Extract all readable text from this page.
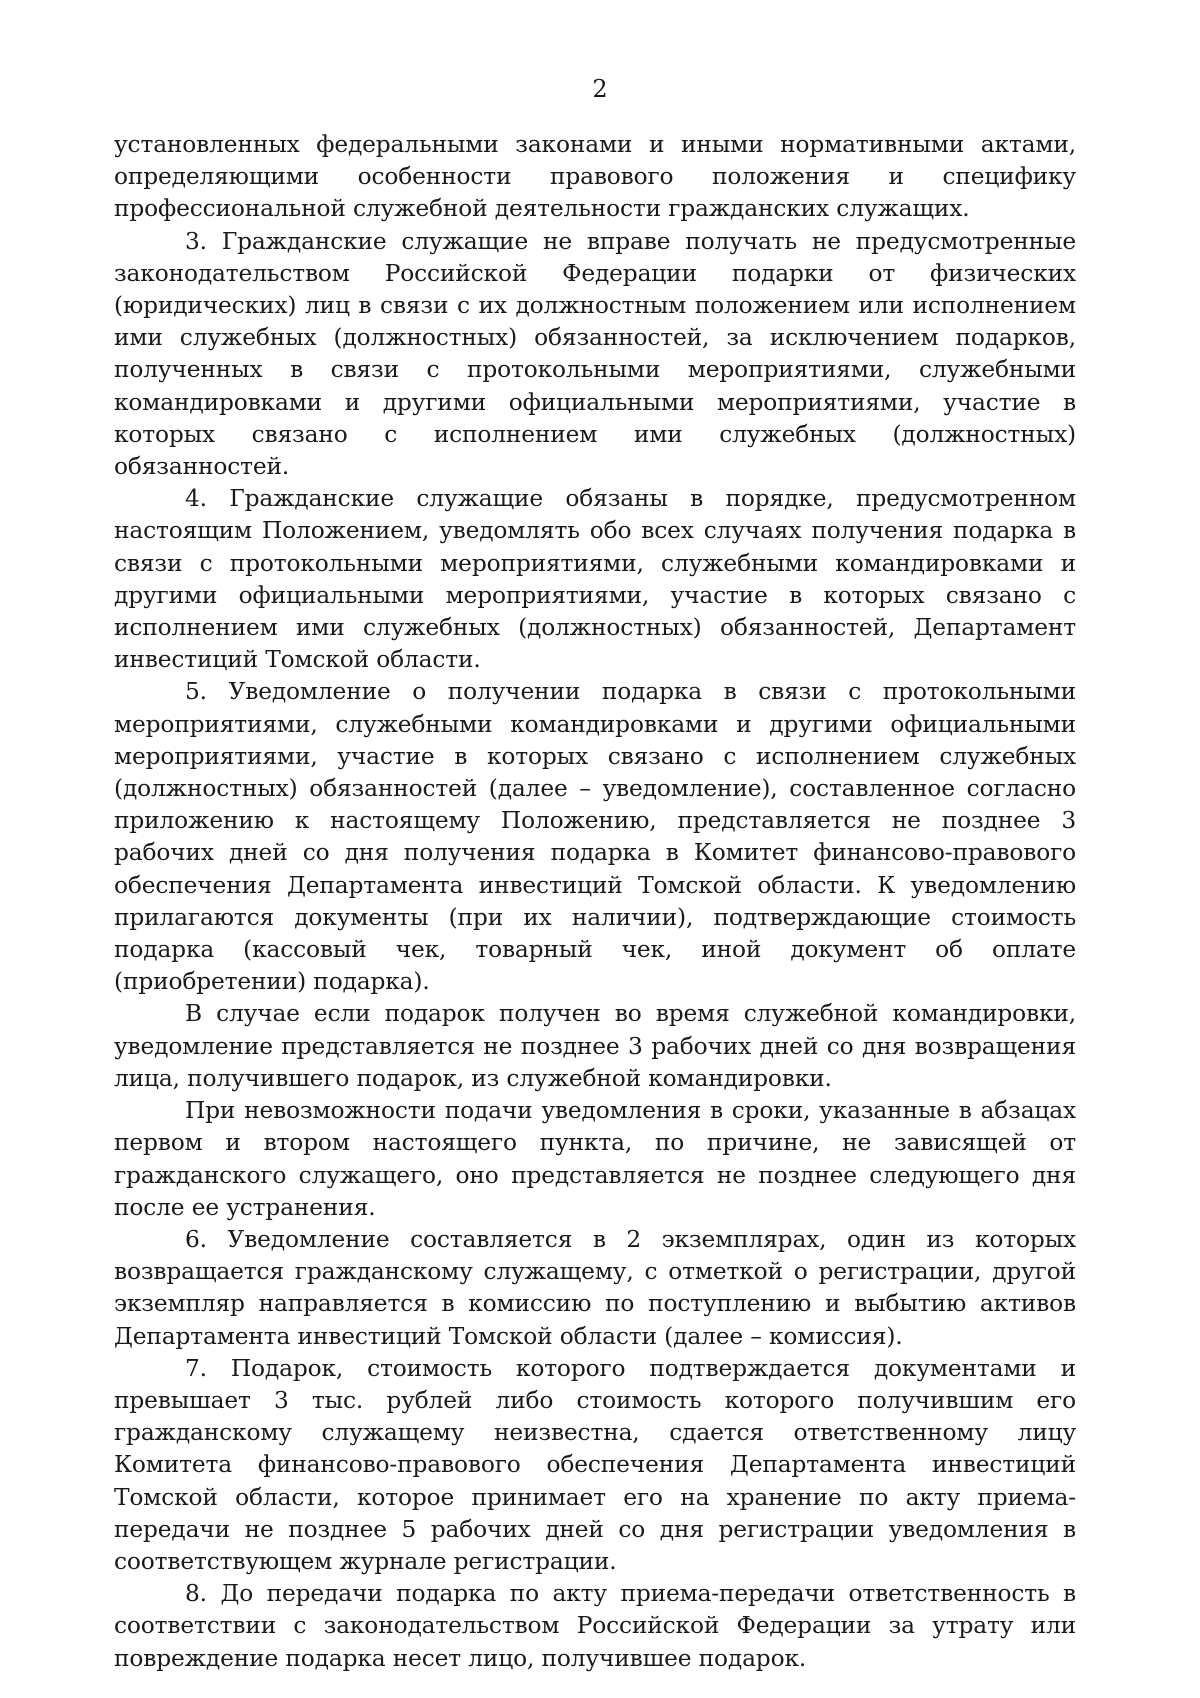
2

установленных федеральными законами и иными нормативными актами, определяющими особенности правового положения и специфику профессиональной служебной деятельности гражданских служащих.

3. Гражданские служащие не вправе получать не предусмотренные законодательством Российской Федерации подарки от физических (юридических) лиц в связи с их должностным положением или исполнением ими служебных (должностных) обязанностей, за исключением подарков, полученных в связи с протокольными мероприятиями, служебными командировками и другими официальными мероприятиями, участие в которых связано с исполнением ими служебных (должностных) обязанностей.

4. Гражданские служащие обязаны в порядке, предусмотренном настоящим Положением, уведомлять обо всех случаях получения подарка в связи с протокольными мероприятиями, служебными командировками и другими официальными мероприятиями, участие в которых связано с исполнением ими служебных (должностных) обязанностей, Департамент инвестиций Томской области.

5. Уведомление о получении подарка в связи с протокольными мероприятиями, служебными командировками и другими официальными мероприятиями, участие в которых связано с исполнением служебных (должностных) обязанностей (далее – уведомление), составленное согласно приложению к настоящему Положению, представляется не позднее 3 рабочих дней со дня получения подарка в Комитет финансово-правового обеспечения Департамента инвестиций Томской области. К уведомлению прилагаются документы (при их наличии), подтверждающие стоимость подарка (кассовый чек, товарный чек, иной документ об оплате (приобретении) подарка).

В случае если подарок получен во время служебной командировки, уведомление представляется не позднее 3 рабочих дней со дня возвращения лица, получившего подарок, из служебной командировки.

При невозможности подачи уведомления в сроки, указанные в абзацах первом и втором настоящего пункта, по причине, не зависящей от гражданского служащего, оно представляется не позднее следующего дня после ее устранения.

6. Уведомление составляется в 2 экземплярах, один из которых возвращается гражданскому служащему, с отметкой о регистрации, другой экземпляр направляется в комиссию по поступлению и выбытию активов Департамента инвестиций Томской области (далее – комиссия).

7. Подарок, стоимость которого подтверждается документами и превышает 3 тыс. рублей либо стоимость которого получившим его гражданскому служащему неизвестна, сдается ответственному лицу Комитета финансово-правового обеспечения Департамента инвестиций Томской области, которое принимает его на хранение по акту приема-передачи не позднее 5 рабочих дней со дня регистрации уведомления в соответствующем журнале регистрации.

8. До передачи подарка по акту приема-передачи ответственность в соответствии с законодательством Российской Федерации за утрату или повреждение подарка несет лицо, получившее подарок.
